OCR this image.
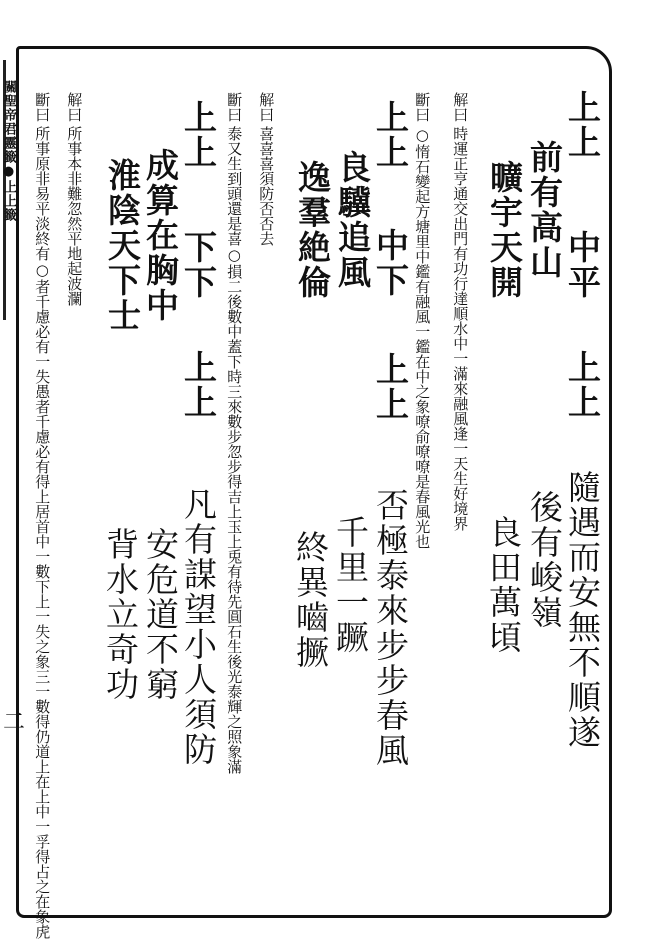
關聖帝君靈籤●上上籤
二
上上
中平
上上
隨遇而安無不順遂
後有峻嶺
良田萬頃
前有高山
曠宇天開
解曰
時運正亨通交出門有功行達順水中一滿來融風逢一天生好境界
斷曰
○惰石變起方塘里中鑑有融風一鑑在中之象嘹俞嘹嘹是春風光也
上上
中下
上上
良驥追風
逸羣絶倫
否極泰來步步春風
千里一蹶
終異嚙撅
解曰
喜喜喜須防否否去
斷曰
泰又生到頭還是喜○損二後數中蓋下時三來數步忽步得吉上玉上兎有待先圓石生後光泰輝之照象滿
上上
下下
上上
成算在胸中
淮陰天下士
凡有謀望小人須防
安危道不窮
背水立奇功
解曰
所事本非難忽然平地起波瀾
斷曰
所事原非易平淡終有○者千慮必有一失愚者千慮必有得上居首中一數下上一失之象三一數得仍道上在上中一孚得占之在象虎
